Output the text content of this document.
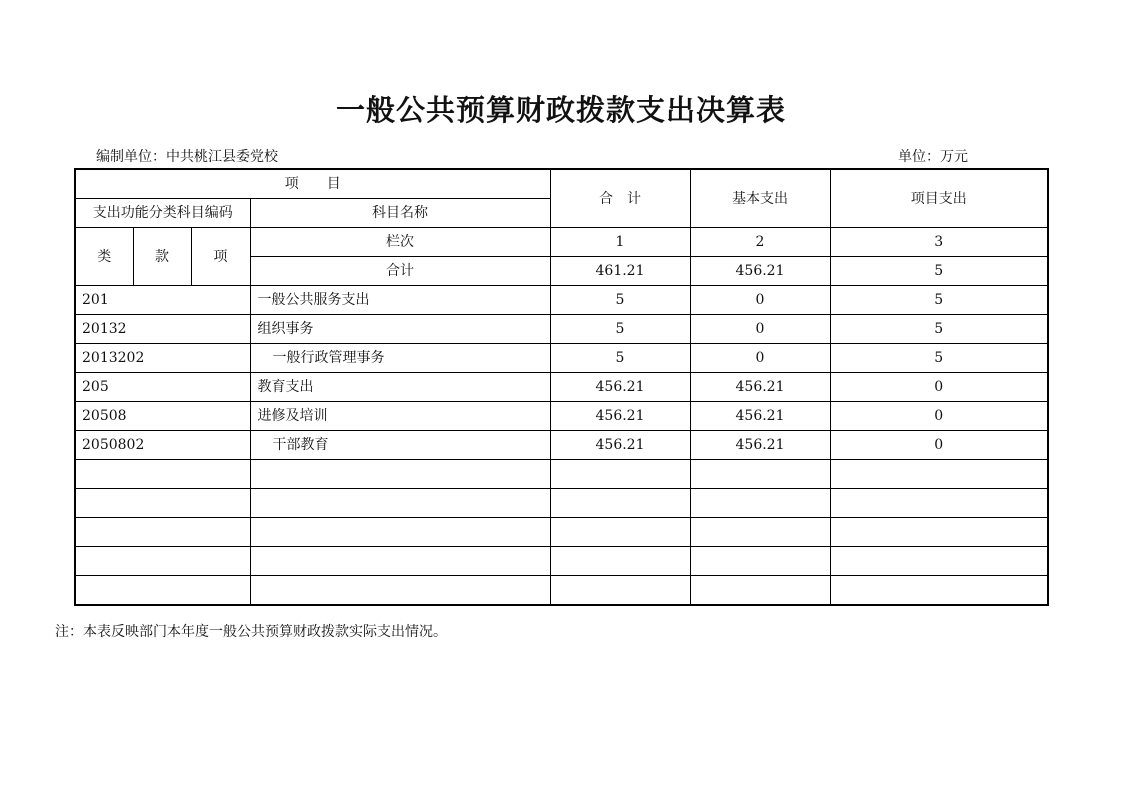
一般公共预算财政拨款支出决算表
编制单位：中共桃江县委党校	单位：万元
项　　目				合　计	基本支出	项目支出
支出功能分类科目编码			科目名称			
类	款	项	栏次	1	2	3
			合计	461.21	456.21	5
201			一般公共服务支出	5	0	5
20132			组织事务	5	0	5
2013202			一般行政管理事务	5	0	5
205			教育支出	456.21	456.21	0
20508			进修及培训	456.21	456.21	0
2050802			干部教育	456.21	456.21	0

注：本表反映部门本年度一般公共预算财政拨款实际支出情况。
